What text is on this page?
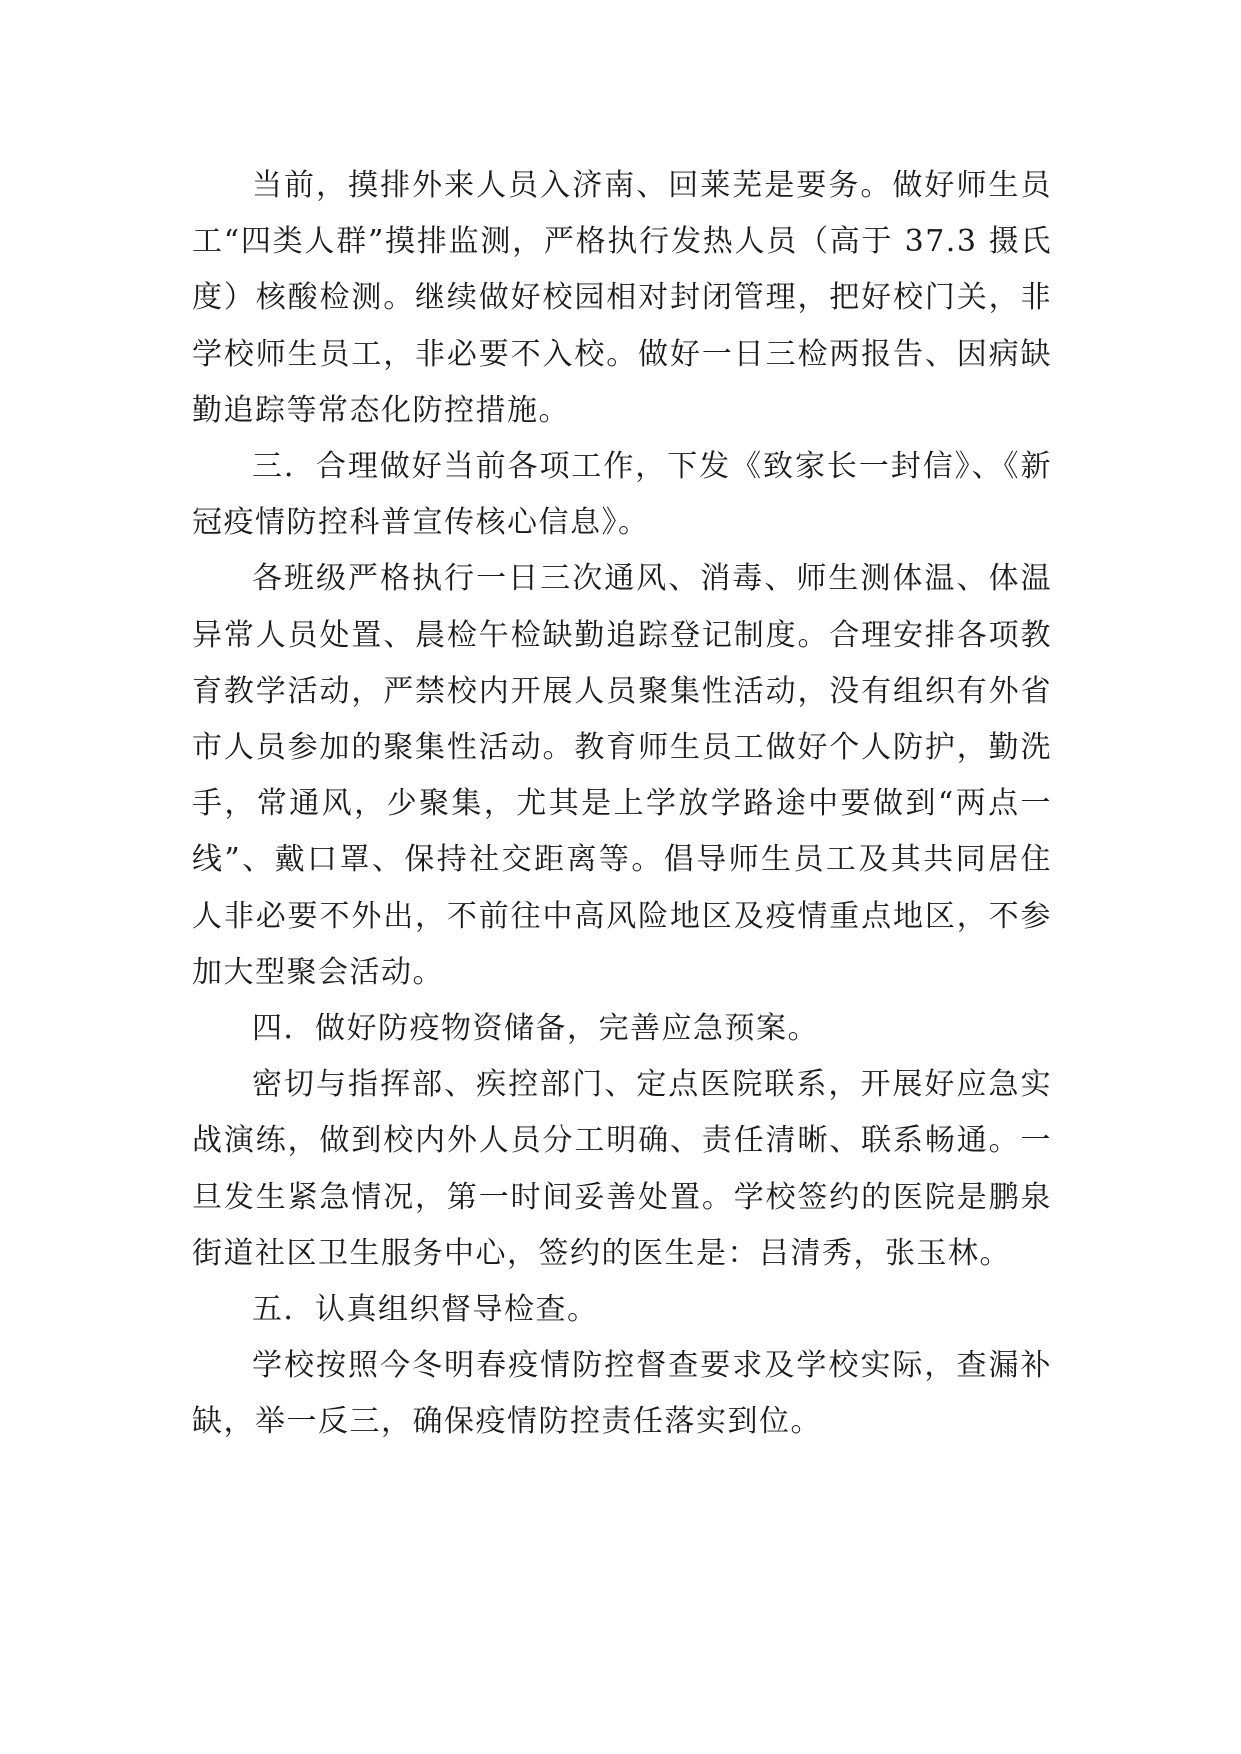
当前，摸排外来人员入济南、回莱芜是要务。做好师生员工“四类人群”摸排监测，严格执行发热人员（高于 37.3 摄氏度）核酸检测。继续做好校园相对封闭管理，把好校门关，非学校师生员工，非必要不入校。做好一日三检两报告、因病缺勤追踪等常态化防控措施。

三．合理做好当前各项工作，下发《致家长一封信》、《新冠疫情防控科普宣传核心信息》。

各班级严格执行一日三次通风、消毒、师生测体温、体温异常人员处置、晨检午检缺勤追踪登记制度。合理安排各项教育教学活动，严禁校内开展人员聚集性活动，没有组织有外省市人员参加的聚集性活动。教育师生员工做好个人防护，勤洗手，常通风，少聚集，尤其是上学放学路途中要做到“两点一线”、戴口罩、保持社交距离等。倡导师生员工及其共同居住人非必要不外出，不前往中高风险地区及疫情重点地区，不参加大型聚会活动。

四．做好防疫物资储备，完善应急预案。

密切与指挥部、疾控部门、定点医院联系，开展好应急实战演练，做到校内外人员分工明确、责任清晰、联系畅通。一旦发生紧急情况，第一时间妥善处置。学校签约的医院是鹏泉街道社区卫生服务中心，签约的医生是：吕清秀，张玉林。

五．认真组织督导检查。

学校按照今冬明春疫情防控督查要求及学校实际，查漏补缺，举一反三，确保疫情防控责任落实到位。
